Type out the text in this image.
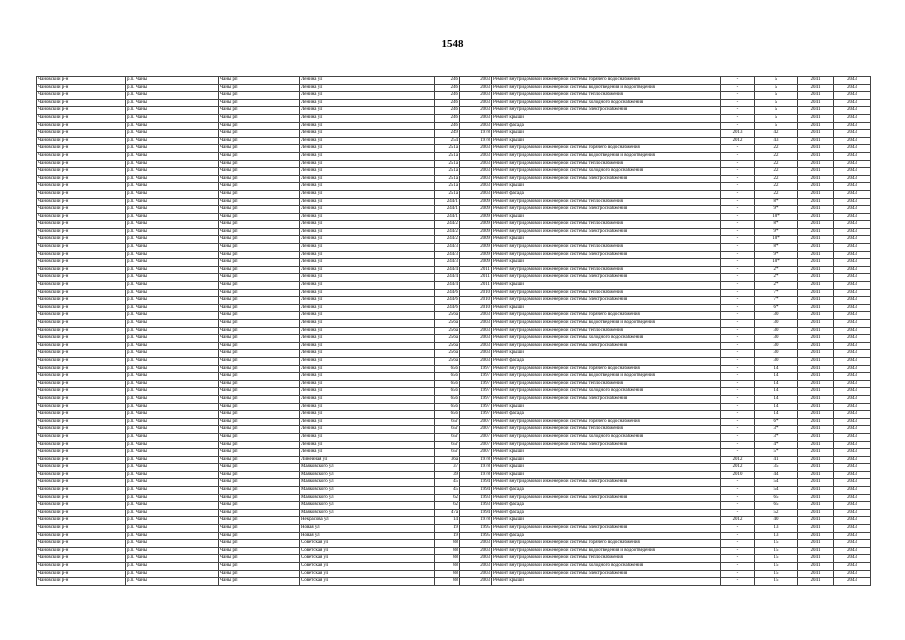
1548
Чановский р-н	р.п. Чаны	Чаны рп	Ленина ул	246	2003	Ремонт внутридомовой инженерной системы горячего водоснабжения	-	5	2041	2043
Чановский р-н	р.п. Чаны	Чаны рп	Ленина ул	246	2003	Ремонт внутридомовой инженерной системы водоотведения и водоотведения	-	5	2041	2043
Чановский р-н	р.п. Чаны	Чаны рп	Ленина ул	246	2003	Ремонт внутридомовой инженерной системы теплоснабжения	-	5	2041	2043
Чановский р-н	р.п. Чаны	Чаны рп	Ленина ул	246	2003	Ремонт внутридомовой инженерной системы холодного водоснабжения	-	5	2041	2043
Чановский р-н	р.п. Чаны	Чаны рп	Ленина ул	246	2003	Ремонт внутридомовой инженерной системы электроснабжения	-	5	2041	2043
Чановский р-н	р.п. Чаны	Чаны рп	Ленина ул	246	2003	Ремонт крыши	-	5	2041	2043
Чановский р-н	р.п. Чаны	Чаны рп	Ленина ул	246	2003	Ремонт фасада	-	5	2041	2043
Чановский р-н	р.п. Чаны	Чаны рп	Ленина ул	249	1978	Ремонт крыши	2013	42	2041	2043
Чановский р-н	р.п. Чаны	Чаны рп	Ленина ул	254	1978	Ремонт крыши	2012	43	2041	2043
Чановский р-н	р.п. Чаны	Чаны рп	Ленина ул	251а	2003	Ремонт внутридомовой инженерной системы горячего водоснабжения	-	22	2041	2043
Чановский р-н	р.п. Чаны	Чаны рп	Ленина ул	251а	2003	Ремонт внутридомовой инженерной системы водоотведения и водоотведения	-	22	2041	2043
Чановский р-н	р.п. Чаны	Чаны рп	Ленина ул	251а	2003	Ремонт внутридомовой инженерной системы теплоснабжения	-	22	2041	2043
Чановский р-н	р.п. Чаны	Чаны рп	Ленина ул	251а	2003	Ремонт внутридомовой инженерной системы холодного водоснабжения	-	22	2041	2043
Чановский р-н	р.п. Чаны	Чаны рп	Ленина ул	251а	2003	Ремонт внутридомовой инженерной системы электроснабжения	-	22	2041	2043
Чановский р-н	р.п. Чаны	Чаны рп	Ленина ул	251а	2003	Ремонт крыши	-	22	2041	2043
Чановский р-н	р.п. Чаны	Чаны рп	Ленина ул	251а	2003	Ремонт фасада	-	22	2041	2043
Чановский р-н	р.п. Чаны	Чаны рп	Ленина ул	244/1	2009	Ремонт внутридомовой инженерной системы теплоснабжения	-	8*	2041	2043
Чановский р-н	р.п. Чаны	Чаны рп	Ленина ул	244/1	2009	Ремонт внутридомовой инженерной системы электроснабжения	-	9*	2041	2043
Чановский р-н	р.п. Чаны	Чаны рп	Ленина ул	244/1	2009	Ремонт крыши	-	10*	2041	2043
Чановский р-н	р.п. Чаны	Чаны рп	Ленина ул	244/2	2009	Ремонт внутридомовой инженерной системы теплоснабжения	-	8*	2041	2043
Чановский р-н	р.п. Чаны	Чаны рп	Ленина ул	244/2	2009	Ремонт внутридомовой инженерной системы электроснабжения	-	9*	2041	2043
Чановский р-н	р.п. Чаны	Чаны рп	Ленина ул	244/2	2009	Ремонт крыши	-	10*	2041	2043
Чановский р-н	р.п. Чаны	Чаны рп	Ленина ул	244/3	2009	Ремонт внутридомовой инженерной системы теплоснабжения	-	8*	2041	2043
Чановский р-н	р.п. Чаны	Чаны рп	Ленина ул	244/3	2009	Ремонт внутридомовой инженерной системы электроснабжения	-	9*	2041	2043
Чановский р-н	р.п. Чаны	Чаны рп	Ленина ул	244/3	2009	Ремонт крыши	-	10*	2041	2043
Чановский р-н	р.п. Чаны	Чаны рп	Ленина ул	244/4	2011	Ремонт внутридомовой инженерной системы теплоснабжения	-	2*	2041	2043
Чановский р-н	р.п. Чаны	Чаны рп	Ленина ул	244/4	2011	Ремонт внутридомовой инженерной системы электроснабжения	-	2*	2041	2043
Чановский р-н	р.п. Чаны	Чаны рп	Ленина ул	244/4	2011	Ремонт крыши	-	2*	2041	2043
Чановский р-н	р.п. Чаны	Чаны рп	Ленина ул	244/6	2010	Ремонт внутридомовой инженерной системы теплоснабжения	-	7*	2041	2043
Чановский р-н	р.п. Чаны	Чаны рп	Ленина ул	244/6	2010	Ремонт внутридомовой инженерной системы электроснабжения	-	7*	2041	2043
Чановский р-н	р.п. Чаны	Чаны рп	Ленина ул	244/6	2010	Ремонт крыши	-	6*	2041	2043
Чановский р-н	р.п. Чаны	Чаны рп	Ленина ул	256а	2003	Ремонт внутридомовой инженерной системы горячего водоснабжения	-	30	2041	2043
Чановский р-н	р.п. Чаны	Чаны рп	Ленина ул	256а	2003	Ремонт внутридомовой инженерной системы водоотведения и водоотведения	-	30	2041	2043
Чановский р-н	р.п. Чаны	Чаны рп	Ленина ул	256а	2003	Ремонт внутридомовой инженерной системы теплоснабжения	-	30	2041	2043
Чановский р-н	р.п. Чаны	Чаны рп	Ленина ул	256а	2003	Ремонт внутридомовой инженерной системы холодного водоснабжения	-	30	2041	2043
Чановский р-н	р.п. Чаны	Чаны рп	Ленина ул	256а	2003	Ремонт внутридомовой инженерной системы электроснабжения	-	30	2041	2043
Чановский р-н	р.п. Чаны	Чаны рп	Ленина ул	256а	2003	Ремонт крыши	-	30	2041	2043
Чановский р-н	р.п. Чаны	Чаны рп	Ленина ул	256а	2003	Ремонт фасада	-	30	2041	2043
Чановский р-н	р.п. Чаны	Чаны рп	Ленина ул	65б	1997	Ремонт внутридомовой инженерной системы горячего водоснабжения	-	14	2041	2043
Чановский р-н	р.п. Чаны	Чаны рп	Ленина ул	65б	1997	Ремонт внутридомовой инженерной системы водоотведения и водоотведения	-	14	2041	2043
Чановский р-н	р.п. Чаны	Чаны рп	Ленина ул	65б	1997	Ремонт внутридомовой инженерной системы теплоснабжения	-	14	2041	2043
Чановский р-н	р.п. Чаны	Чаны рп	Ленина ул	65б	1997	Ремонт внутридомовой инженерной системы холодного водоснабжения	-	14	2041	2043
Чановский р-н	р.п. Чаны	Чаны рп	Ленина ул	65б	1997	Ремонт внутридомовой инженерной системы электроснабжения	-	14	2041	2043
Чановский р-н	р.п. Чаны	Чаны рп	Ленина ул	65б	1997	Ремонт крыши	-	14	2041	2043
Чановский р-н	р.п. Чаны	Чаны рп	Ленина ул	65б	1997	Ремонт фасада	-	14	2041	2043
Чановский р-н	р.п. Чаны	Чаны рп	Ленина ул	65г	2007	Ремонт внутридомовой инженерной системы горячего водоснабжения	-	6*	2041	2043
Чановский р-н	р.п. Чаны	Чаны рп	Ленина ул	65г	2007	Ремонт внутридомовой инженерной системы теплоснабжения	-	3*	2041	2043
Чановский р-н	р.п. Чаны	Чаны рп	Ленина ул	65г	2007	Ремонт внутридомовой инженерной системы холодного водоснабжения	-	3*	2041	2043
Чановский р-н	р.п. Чаны	Чаны рп	Ленина ул	65г	2007	Ремонт внутридомовой инженерной системы электроснабжения	-	4*	2041	2043
Чановский р-н	р.п. Чаны	Чаны рп	Ленина ул	65г	2007	Ремонт крыши	-	5*	2041	2043
Чановский р-н	р.п. Чаны	Чаны рп	Линейная ул	36а	1978	Ремонт крыши	2012	41	2041	2043
Чановский р-н	р.п. Чаны	Чаны рп	Маяковского ул	37	1978	Ремонт крыши	2012	35	2041	2043
Чановский р-н	р.п. Чаны	Чаны рп	Маяковского ул	39	1978	Ремонт крыши	2010	44	2041	2043
Чановский р-н	р.п. Чаны	Чаны рп	Маяковского ул	45	1994	Ремонт внутридомовой инженерной системы электроснабжения	-	54	2041	2043
Чановский р-н	р.п. Чаны	Чаны рп	Маяковского ул	45	1994	Ремонт фасада	-	54	2041	2043
Чановский р-н	р.п. Чаны	Чаны рп	Маяковского ул	62	1993	Ремонт внутридомовой инженерной системы электроснабжения	-	65	2041	2043
Чановский р-н	р.п. Чаны	Чаны рп	Маяковского ул	62	1993	Ремонт фасада	-	65	2041	2043
Чановский р-н	р.п. Чаны	Чаны рп	Маяковского ул	47а	1994	Ремонт фасада	-	52	2041	2043
Чановский р-н	р.п. Чаны	Чаны рп	Некрасова ул	14	1978	Ремонт крыши	2012	40	2041	2043
Чановский р-н	р.п. Чаны	Чаны рп	Новая ул	19	1995	Ремонт внутридомовой инженерной системы электроснабжения	-	13	2041	2043
Чановский р-н	р.п. Чаны	Чаны рп	Новая ул	19	1995	Ремонт фасада	-	13	2041	2043
Чановский р-н	р.п. Чаны	Чаны рп	Советская ул	88	2003	Ремонт внутридомовой инженерной системы горячего водоснабжения	-	15	2041	2043
Чановский р-н	р.п. Чаны	Чаны рп	Советская ул	88	2003	Ремонт внутридомовой инженерной системы водоотведения и водоотведения	-	15	2041	2043
Чановский р-н	р.п. Чаны	Чаны рп	Советская ул	88	2003	Ремонт внутридомовой инженерной системы теплоснабжения	-	15	2041	2043
Чановский р-н	р.п. Чаны	Чаны рп	Советская ул	88	2003	Ремонт внутридомовой инженерной системы холодного водоснабжения	-	15	2041	2043
Чановский р-н	р.п. Чаны	Чаны рп	Советская ул	88	2003	Ремонт внутридомовой инженерной системы электроснабжения	-	15	2041	2043
Чановский р-н	р.п. Чаны	Чаны рп	Советская ул	88	2003	Ремонт крыши	-	15	2041	2043
